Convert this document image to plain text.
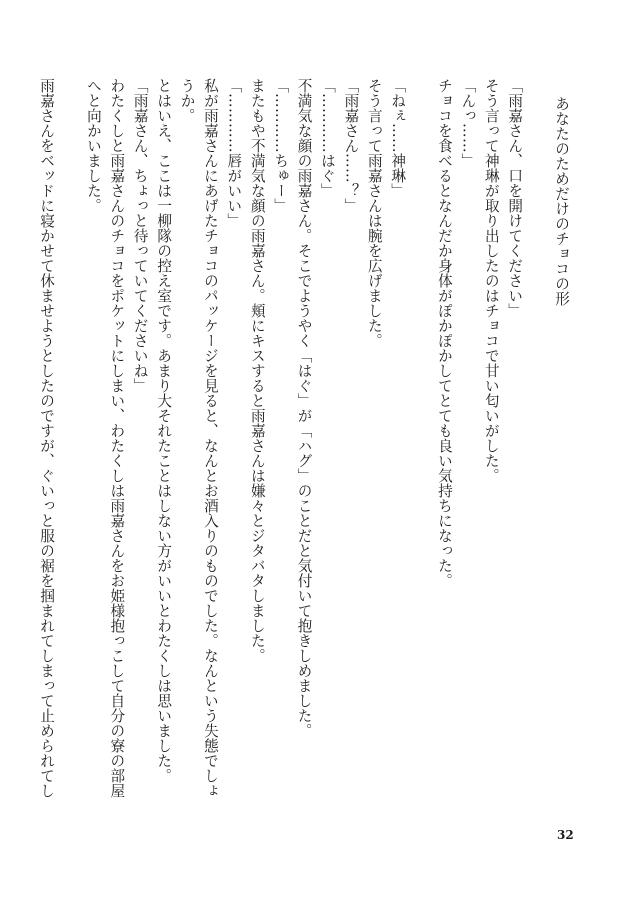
あなたのためだけのチョコの形
「雨嘉さん、口を開けてください」
そう言って神琳が取り出したのはチョコで甘い匂いがした。
「んっ……」
チョコを食べるとなんだか身体がぽかぽかしてとても良い気持ちになった。
「ねぇ……神琳」
そう言って雨嘉さんは腕を広げました。
「雨嘉さん……？」
「…………はぐ」
不満気な顔の雨嘉さん。そこでようやく「はぐ」が「ハグ」のことだと気付いて抱きしめました。
「…………ちゅー」
またもや不満気な顔の雨嘉さん。頬にキスすると雨嘉さんは嫌々とジタバタしました。
「…………唇がいい」
私が雨嘉さんにあげたチョコのパッケージを見ると、なんとお酒入りのものでした。なんという失態でしょ
うか。
とはいえ、ここは一柳隊の控え室です。あまり大それたことはしない方がいいとわたくしは思いました。
「雨嘉さん、ちょっと待っていてくださいね」
わたくしと雨嘉さんのチョコをポケットにしまい、わたくしは雨嘉さんをお姫様抱っこして自分の寮の部屋
へと向かいました。
雨嘉さんをベッドに寝かせて休ませようとしたのですが、ぐいっと服の裾を掴まれてしまって止められてし
32
